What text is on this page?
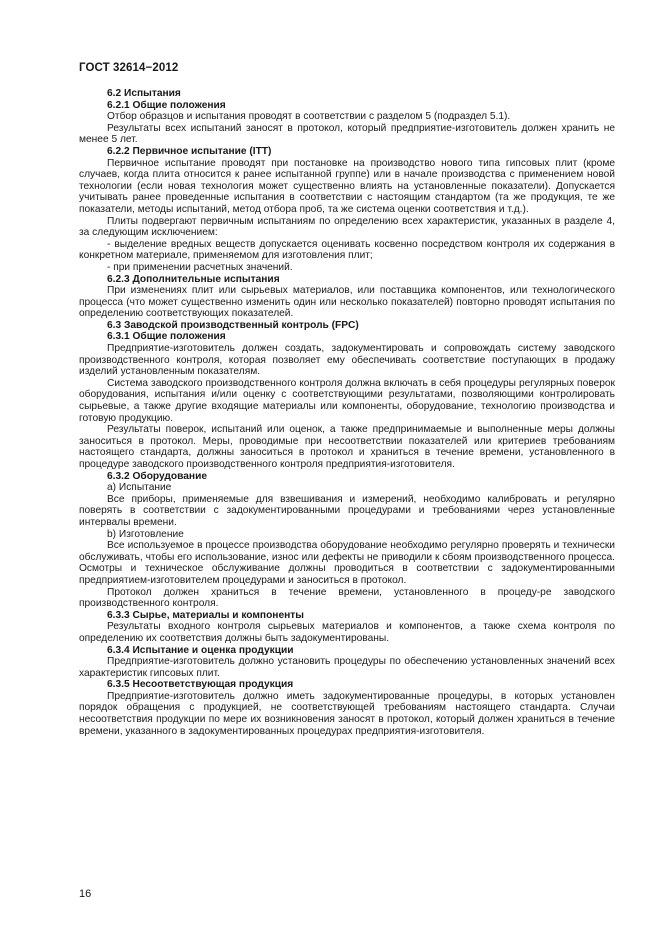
ГОСТ 32614−2012

6.2 Испытания

6.2.1 Общие положения

Отбор образцов и испытания проводят в соответствии с разделом 5 (подраздел 5.1).

Результаты всех испытаний заносят в протокол, который предприятие-изготовитель должен хранить не менее 5 лет.

6.2.2 Первичное испытание (ITT)

Первичное испытание проводят при постановке на производство нового типа гипсовых плит (кроме случаев, когда плита относится к ранее испытанной группе) или в начале производства с применением новой технологии (если новая технология может существенно влиять на установленные показатели). Допускается учитывать ранее проведенные испытания в соответствии с настоящим стандартом (та же продукция, те же показатели, методы испытаний, метод отбора проб, та же система оценки соответствия и т.д.).

Плиты подвергают первичным испытаниям по определению всех характеристик, указанных в разделе 4, за следующим исключением:

- выделение вредных веществ допускается оценивать косвенно посредством контроля их содержания в конкретном материале, применяемом для изготовления плит;

- при применении расчетных значений.

6.2.3 Дополнительные испытания

При изменениях плит или сырьевых материалов, или поставщика компонентов, или технологического процесса (что может существенно изменить один или несколько показателей) повторно проводят испытания по определению соответствующих показателей.

6.3 Заводской производственный контроль (FPC)

6.3.1 Общие положения

Предприятие-изготовитель должен создать, задокументировать и сопровождать систему заводского производственного контроля, которая позволяет ему обеспечивать соответствие поступающих в продажу изделий установленным показателям.

Система заводского производственного контроля должна включать в себя процедуры регулярных поверок оборудования, испытания и/или оценку с соответствующими результатами, позволяющими контролировать сырьевые, а также другие входящие материалы или компоненты, оборудование, технологию производства и готовую продукцию.

Результаты поверок, испытаний или оценок, а также предпринимаемые и выполненные меры должны заноситься в протокол. Меры, проводимые при несоответствии показателей или критериев требованиям настоящего стандарта, должны заноситься в протокол и храниться в течение времени, установленного в процедуре заводского производственного контроля предприятия-изготовителя.

6.3.2 Оборудование

a) Испытание

Все приборы, применяемые для взвешивания и измерений, необходимо калибровать и регулярно поверять в соответствии с задокументированными процедурами и требованиями через установленные интервалы времени.

b) Изготовление

Все используемое в процессе производства оборудование необходимо регулярно проверять и технически обслуживать, чтобы его использование, износ или дефекты не приводили к сбоям производственного процесса. Осмотры и техническое обслуживание должны проводиться в соответствии с задокументированными предприятием-изготовителем процедурами и заноситься в протокол.

Протокол должен храниться в течение времени, установленного в процеду-ре заводского производственного контроля.

6.3.3 Сырье, материалы и компоненты

Результаты входного контроля сырьевых материалов и компонентов, а также схема контроля по определению их соответствия должны быть задокументированы.

6.3.4 Испытание и оценка продукции

Предприятие-изготовитель должно установить процедуры по обеспечению установленных значений всех характеристик гипсовых плит.

6.3.5 Несоответствующая продукция

Предприятие-изготовитель должно иметь задокументированные процедуры, в которых установлен порядок обращения с продукцией, не соответствующей требованиям настоящего стандарта. Случаи несоответствия продукции по мере их возникновения заносят в протокол, который должен храниться в течение времени, указанного в задокументированных процедурах предприятия-изготовителя.

16
